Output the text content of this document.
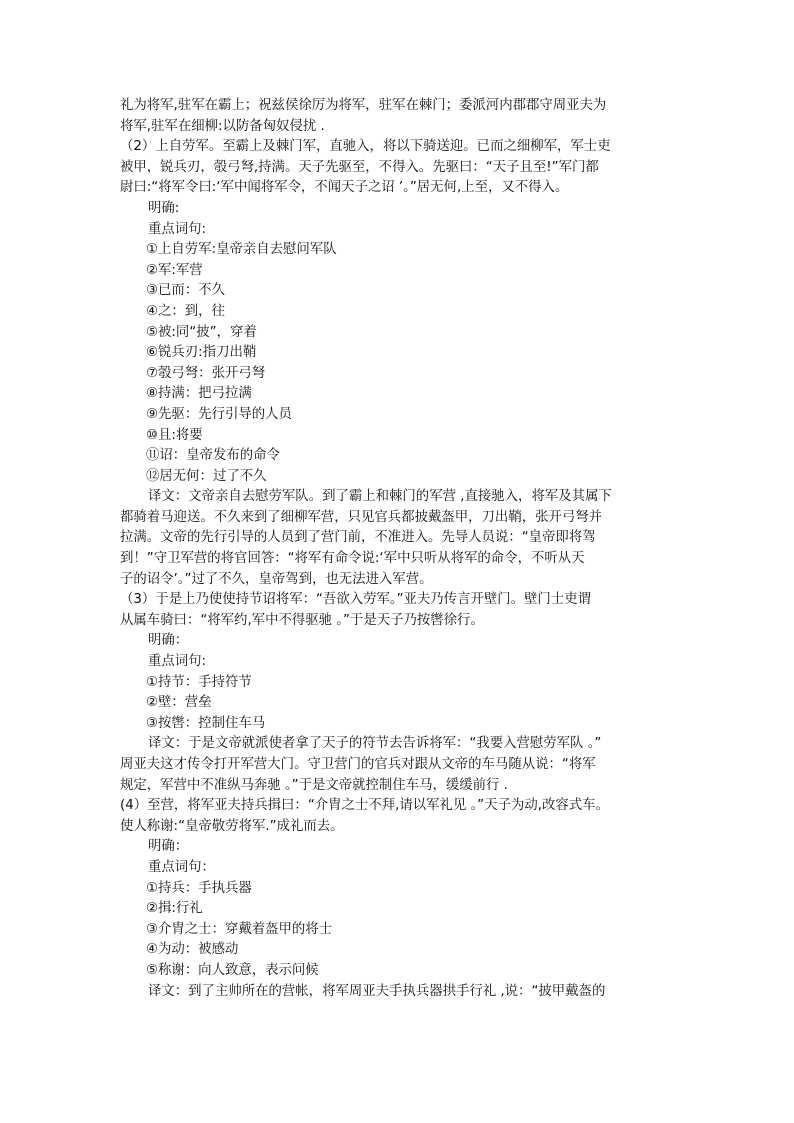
礼为将军,驻军在霸上；祝兹侯徐厉为将军，驻军在棘门；委派河内郡郡守周亚夫为
将军,驻军在细柳:以防备匈奴侵扰 .
（2）上自劳军。至霸上及棘门军，直驰入，将以下骑送迎。已而之细柳军，军士吏
被甲，锐兵刃，彀弓弩,持满。天子先驱至，不得入。先驱曰：“天子且至!”军门都
尉曰:“将军令曰:‘军中闻将军令，不闻天子之诏 ’。”居无何,上至，又不得入。
明确:
重点词句:
①上自劳军:皇帝亲自去慰问军队
②军:军营
③已而：不久
④之：到，往
⑤被:同“披”，穿着
⑥锐兵刃:指刀出鞘
⑦彀弓弩：张开弓弩
⑧持满：把弓拉满
⑨先驱：先行引导的人员
⑩且:将要
⑪诏：皇帝发布的命令
⑫居无何：过了不久
译文：文帝亲自去慰劳军队。到了霸上和棘门的军营 ,直接驰入，将军及其属下
都骑着马迎送。不久来到了细柳军营，只见官兵都披戴盔甲，刀出鞘，张开弓弩并
拉满。文帝的先行引导的人员到了营门前，不准进入。先导人员说：“皇帝即将驾
到！”守卫军营的将官回答：“将军有命令说:‘军中只听从将军的命令，不听从天
子的诏令’。”过了不久，皇帝驾到，也无法进入军营。
（3）于是上乃使使持节诏将军：“吾欲入劳军。”亚夫乃传言开壁门。壁门士吏谓
从属车骑曰：“将军约,军中不得驱驰 。”于是天子乃按辔徐行。
明确：
重点词句:
①持节：手持符节
②壁：营垒
③按辔：控制住车马
译文：于是文帝就派使者拿了天子的符节去告诉将军：“我要入营慰劳军队 。”
周亚夫这才传令打开军营大门。守卫营门的官兵对跟从文帝的车马随从说：“将军
规定，军营中不准纵马奔驰 。”于是文帝就控制住车马，缓缓前行 .
(4）至营，将军亚夫持兵揖曰：“介胄之士不拜,请以军礼见 。”天子为动,改容式车。
使人称谢:“皇帝敬劳将军.”成礼而去。
明确：
重点词句：
①持兵：手执兵器
②揖:行礼
③介胄之士：穿戴着盔甲的将士
④为动：被感动
⑤称谢：向人致意，表示问候
译文：到了主帅所在的营帐，将军周亚夫手执兵器拱手行礼 ,说：“披甲戴盔的
